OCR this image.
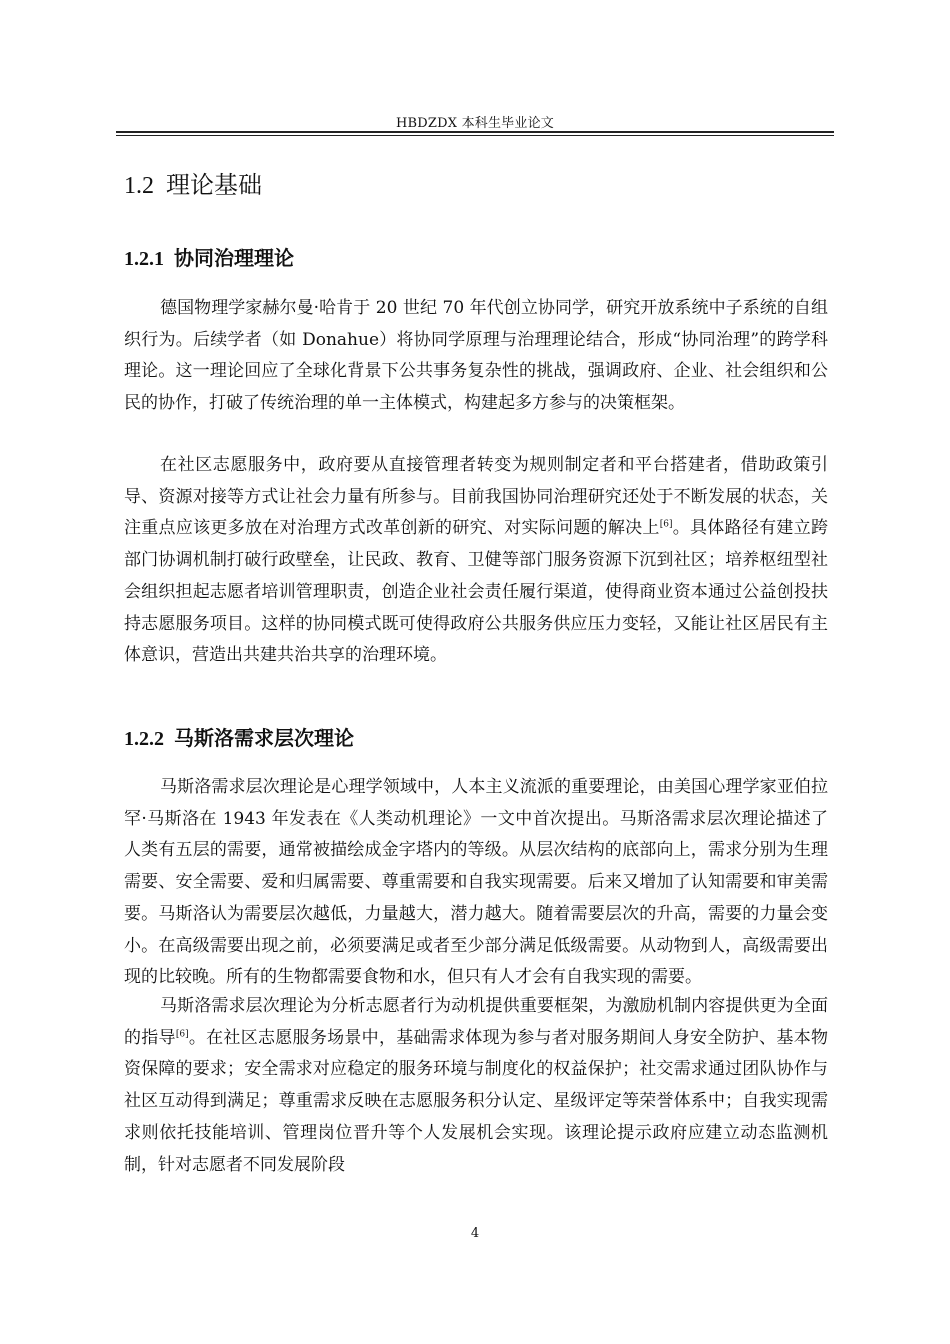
HBDZDX 本科生毕业论文
1.2 理论基础
1.2.1 协同治理理论

德国物理学家赫尔曼·哈肯于 20 世纪 70 年代创立协同学，研究开放系统中子系统的自组织行为。后续学者（如 Donahue）将协同学原理与治理理论结合，形成“协同治理”的跨学科理论。这一理论回应了全球化背景下公共事务复杂性的挑战，强调政府、企业、社会组织和公民的协作，打破了传统治理的单一主体模式，构建起多方参与的决策框架。

在社区志愿服务中，政府要从直接管理者转变为规则制定者和平台搭建者，借助政策引导、资源对接等方式让社会力量有所参与。目前我国协同治理研究还处于不断发展的状态，关注重点应该更多放在对治理方式改革创新的研究、对实际问题的解决上[6]。具体路径有建立跨部门协调机制打破行政壁垒，让民政、教育、卫健等部门服务资源下沉到社区；培养枢纽型社会组织担起志愿者培训管理职责，创造企业社会责任履行渠道，使得商业资本通过公益创投扶持志愿服务项目。这样的协同模式既可使得政府公共服务供应压力变轻，又能让社区居民有主体意识，营造出共建共治共享的治理环境。

1.2.2 马斯洛需求层次理论

马斯洛需求层次理论是心理学领域中，人本主义流派的重要理论，由美国心理学家亚伯拉罕·马斯洛在 1943 年发表在《人类动机理论》一文中首次提出。马斯洛需求层次理论描述了人类有五层的需要，通常被描绘成金字塔内的等级。从层次结构的底部向上，需求分别为生理需要、安全需要、爱和归属需要、尊重需要和自我实现需要。后来又增加了认知需要和审美需要。马斯洛认为需要层次越低，力量越大，潜力越大。随着需要层次的升高，需要的力量会变小。在高级需要出现之前，必须要满足或者至少部分满足低级需要。从动物到人，高级需要出现的比较晚。所有的生物都需要食物和水，但只有人才会有自我实现的需要。

马斯洛需求层次理论为分析志愿者行为动机提供重要框架，为激励机制内容提供更为全面的指导[6]。在社区志愿服务场景中，基础需求体现为参与者对服务期间人身安全防护、基本物资保障的要求；安全需求对应稳定的服务环境与制度化的权益保护；社交需求通过团队协作与社区互动得到满足；尊重需求反映在志愿服务积分认定、星级评定等荣誉体系中；自我实现需求则依托技能培训、管理岗位晋升等个人发展机会实现。该理论提示政府应建立动态监测机制，针对志愿者不同发展阶段

4
